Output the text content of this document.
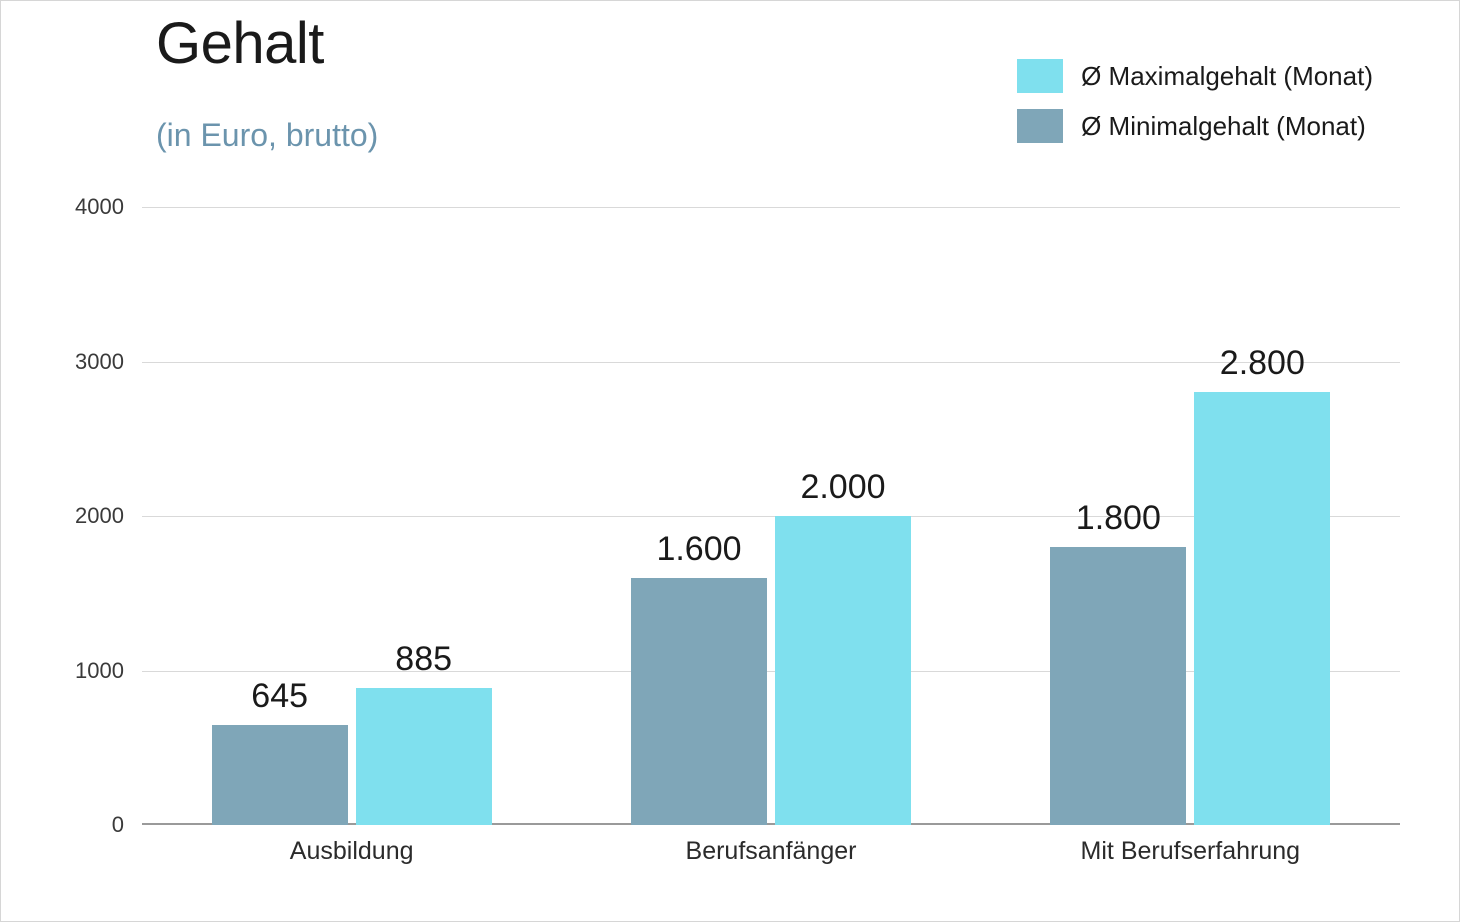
Gehalt
(in Euro, brutto)
Ø Maximalgehalt (Monat)
Ø Minimalgehalt (Monat)
0
1000
2000
3000
4000
645
885
Ausbildung
1.600
2.000
Berufsanfänger
1.800
2.800
Mit Berufserfahrung
